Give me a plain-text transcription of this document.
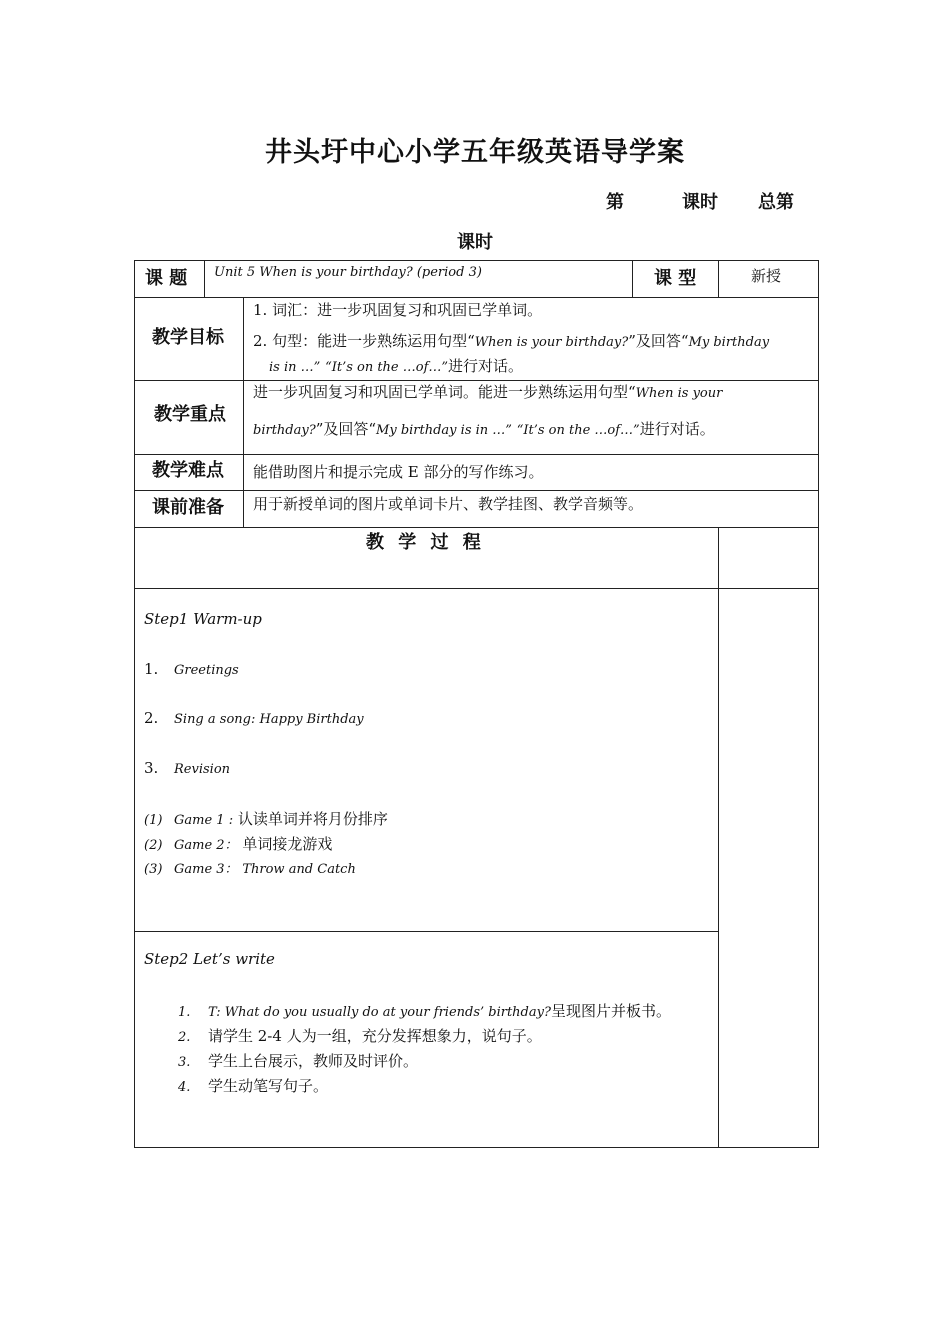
井头圩中心小学五年级英语导学案
第	课时 总第
课时
课 题 Unit 5 When is your birthday? (period 3)	课 型	新授
教学目标
1. 词汇：进一步巩固复习和巩固已学单词。
2. 句型：能进一步熟练运用句型“When is your birthday?”及回答“My birthday
is in …” “It’s on the …of…”进行对话。
教学重点
进一步巩固复习和巩固已学单词。能进一步熟练运用句型“When is your
birthday?”及回答“My birthday is in …” “It’s on the …of…”进行对话。
教学难点 能借助图片和提示完成 E 部分的写作练习。
课前准备 用于新授单词的图片或单词卡片、教学挂图、教学音频等。
教 学 过 程
Step1 Warm-up
1. Greetings
2. Sing a song: Happy Birthday
3. Revision
(1) Game 1 : 认读单词并将月份排序
(2) Game 2： 单词接龙游戏
(3) Game 3： Throw and Catch
Step2 Let’s write
1. T: What do you usually do at your friends’ birthday?呈现图片并板书。
2. 请学生 2-4 人为一组，充分发挥想象力，说句子。
3. 学生上台展示，教师及时评价。
4. 学生动笔写句子。
